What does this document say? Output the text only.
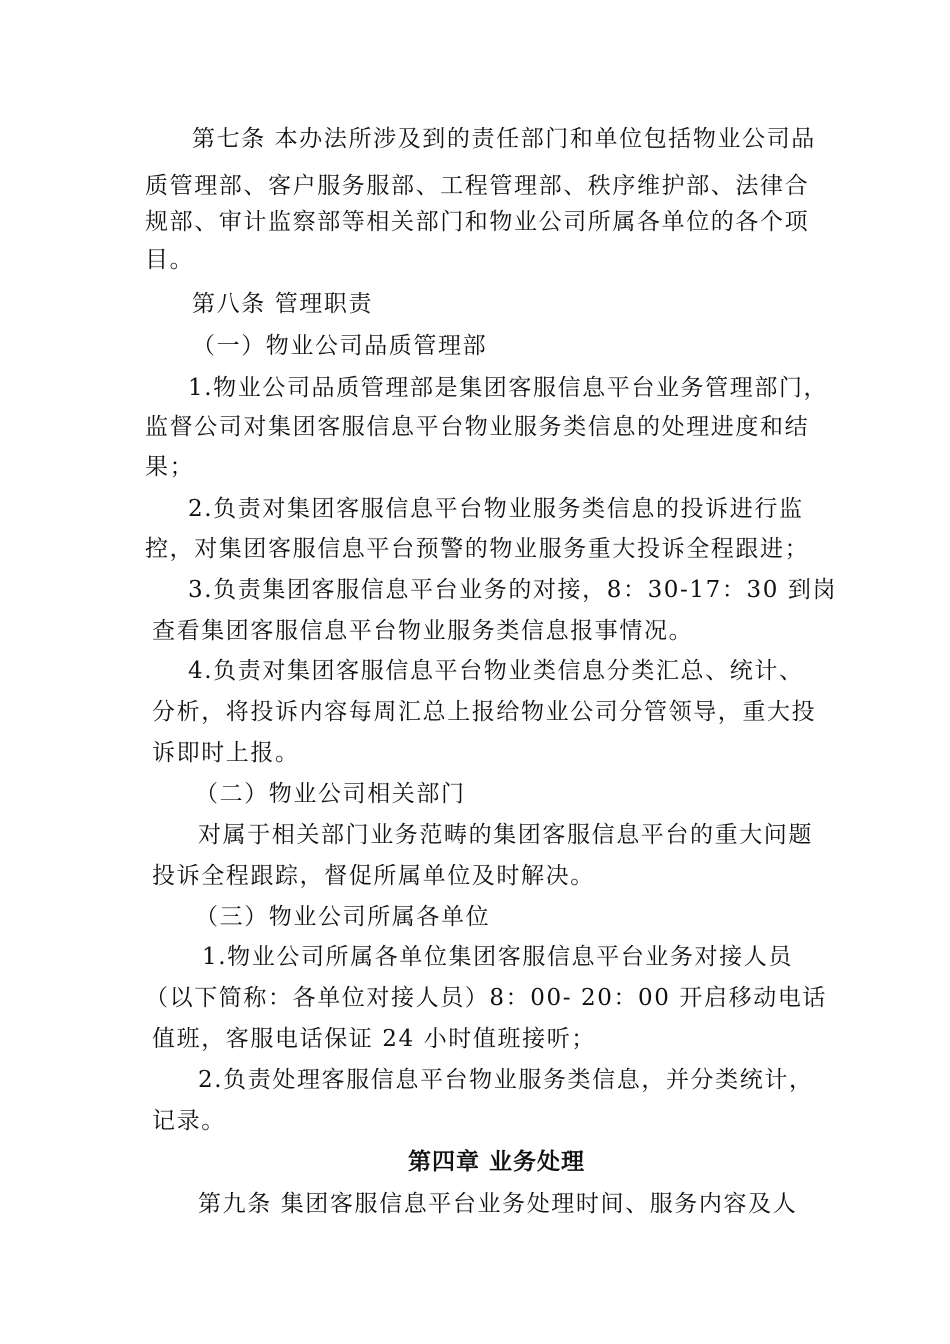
第七条 本办法所涉及到的责任部门和单位包括物业公司品

质管理部、客户服务服部、工程管理部、秩序维护部、法律合

规部、审计监察部等相关部门和物业公司所属各单位的各个项

目。

第八条 管理职责

（一）物业公司品质管理部

1.物业公司品质管理部是集团客服信息平台业务管理部门，

监督公司对集团客服信息平台物业服务类信息的处理进度和结

果；

2.负责对集团客服信息平台物业服务类信息的投诉进行监

控，对集团客服信息平台预警的物业服务重大投诉全程跟进；

3.负责集团客服信息平台业务的对接，8：30-17：30 到岗

查看集团客服信息平台物业服务类信息报事情况。

4.负责对集团客服信息平台物业类信息分类汇总、统计、

分析，将投诉内容每周汇总上报给物业公司分管领导，重大投

诉即时上报。

（二）物业公司相关部门

对属于相关部门业务范畴的集团客服信息平台的重大问题

投诉全程跟踪，督促所属单位及时解决。

（三）物业公司所属各单位

1.物业公司所属各单位集团客服信息平台业务对接人员

（以下简称：各单位对接人员）8：00- 20：00 开启移动电话

值班，客服电话保证 24 小时值班接听；

2.负责处理客服信息平台物业服务类信息，并分类统计，

记录。

第四章 业务处理

第九条 集团客服信息平台业务处理时间、服务内容及人
